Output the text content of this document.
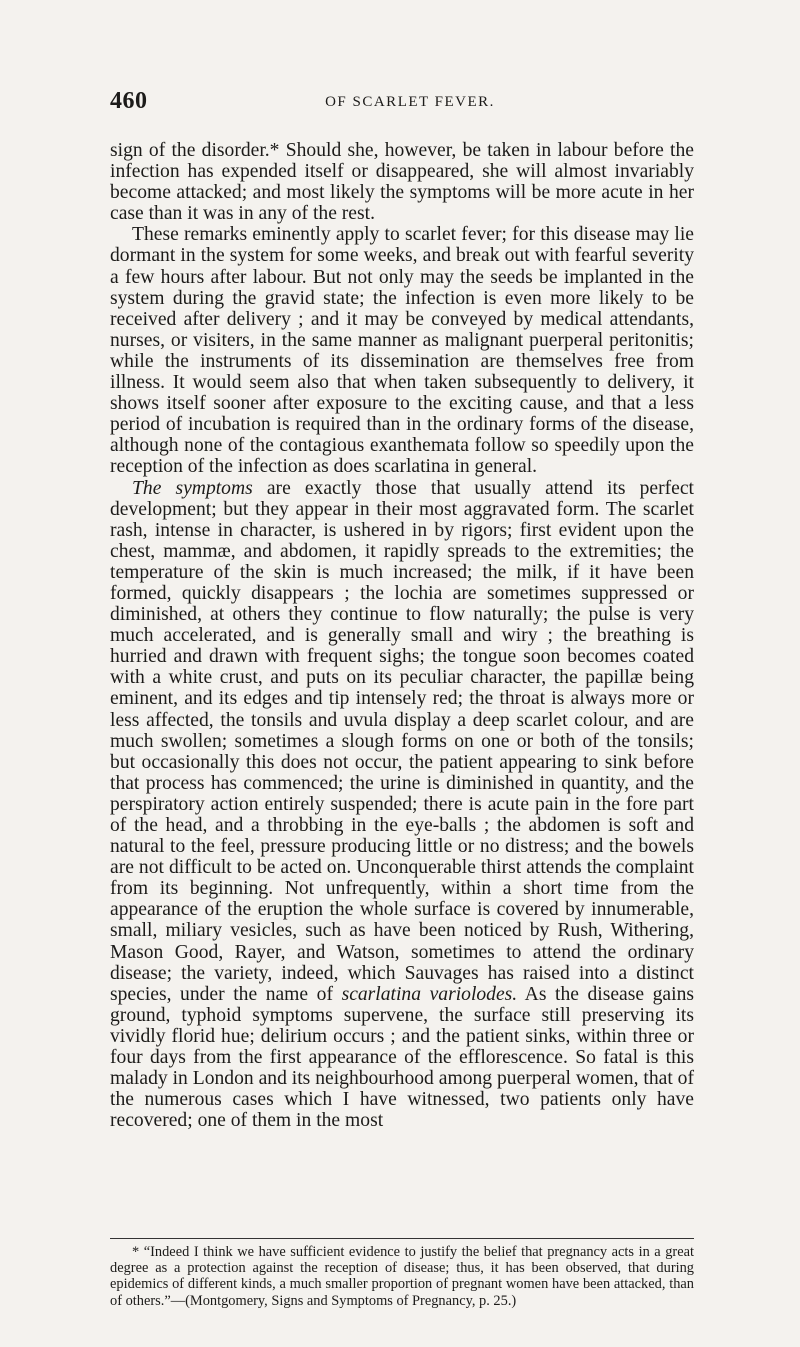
460	OF SCARLET FEVER.

sign of the disorder.* Should she, however, be taken in labour before the infection has expended itself or disappeared, she will almost invariably become attacked; and most likely the symptoms will be more acute in her case than it was in any of the rest.

These remarks eminently apply to scarlet fever; for this disease may lie dormant in the system for some weeks, and break out with fearful severity a few hours after labour. But not only may the seeds be implanted in the system during the gravid state; the infection is even more likely to be received after delivery ; and it may be conveyed by medical attendants, nurses, or visiters, in the same manner as malignant puerperal peritonitis; while the instruments of its dissemination are themselves free from illness. It would seem also that when taken subsequently to delivery, it shows itself sooner after exposure to the exciting cause, and that a less period of incubation is required than in the ordinary forms of the disease, although none of the contagious exanthemata follow so speedily upon the reception of the infection as does scarlatina in general.

The symptoms are exactly those that usually attend its perfect development; but they appear in their most aggravated form. The scarlet rash, intense in character, is ushered in by rigors; first evident upon the chest, mammæ, and abdomen, it rapidly spreads to the extremities; the temperature of the skin is much increased; the milk, if it have been formed, quickly disappears ; the lochia are sometimes suppressed or diminished, at others they continue to flow naturally; the pulse is very much accelerated, and is generally small and wiry ; the breathing is hurried and drawn with frequent sighs; the tongue soon becomes coated with a white crust, and puts on its peculiar character, the papillæ being eminent, and its edges and tip intensely red; the throat is always more or less affected, the tonsils and uvula display a deep scarlet colour, and are much swollen; sometimes a slough forms on one or both of the tonsils; but occasionally this does not occur, the patient appearing to sink before that process has commenced; the urine is diminished in quantity, and the perspiratory action entirely suspended; there is acute pain in the fore part of the head, and a throbbing in the eye-balls ; the abdomen is soft and natural to the feel, pressure producing little or no distress; and the bowels are not difficult to be acted on. Unconquerable thirst attends the complaint from its beginning. Not unfrequently, within a short time from the appearance of the eruption the whole surface is covered by innumerable, small, miliary vesicles, such as have been noticed by Rush, Withering, Mason Good, Rayer, and Watson, sometimes to attend the ordinary disease; the variety, indeed, which Sauvages has raised into a distinct species, under the name of scarlatina variolodes. As the disease gains ground, typhoid symptoms supervene, the surface still preserving its vividly florid hue; delirium occurs ; and the patient sinks, within three or four days from the first appearance of the efflorescence. So fatal is this malady in London and its neighbourhood among puerperal women, that of the numerous cases which I have witnessed, two patients only have recovered; one of them in the most

* “Indeed I think we have sufficient evidence to justify the belief that pregnancy acts in a great degree as a protection against the reception of disease; thus, it has been observed, that during epidemics of different kinds, a much smaller proportion of pregnant women have been attacked, than of others.”—(Montgomery, Signs and Symptoms of Pregnancy, p. 25.)
